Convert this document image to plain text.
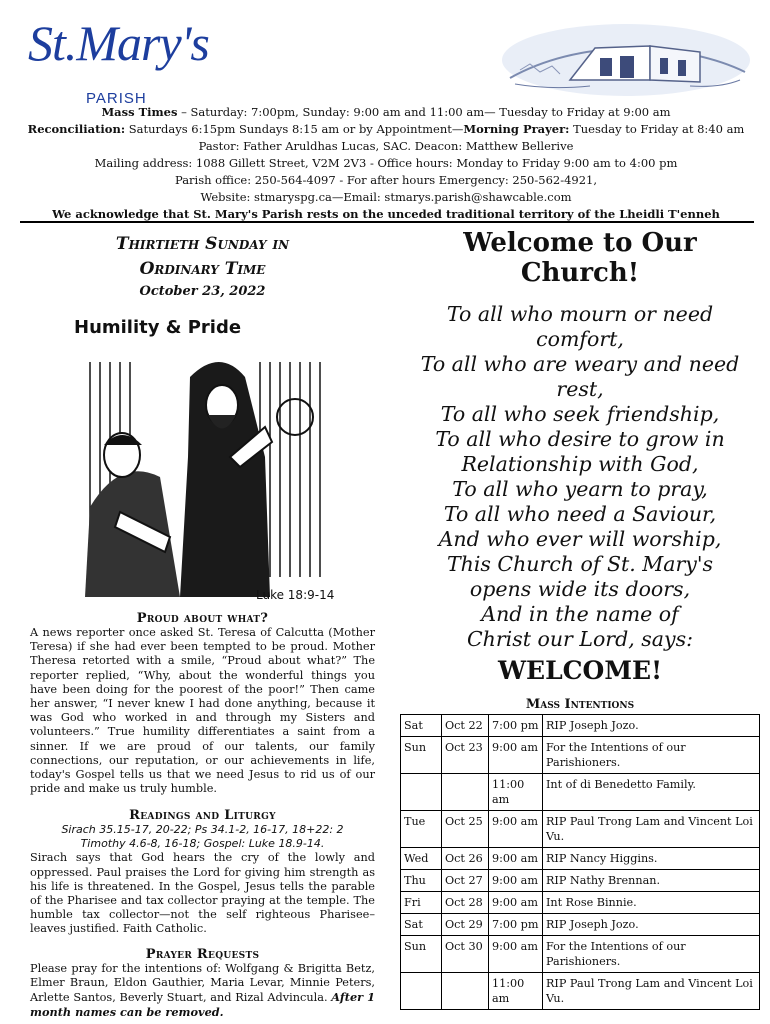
St.Mary's
PARISH
Mass Times – Saturday: 7:00pm, Sunday: 9:00 am and 11:00 am— Tuesday to Friday at 9:00 am
Reconciliation: Saturdays 6:15pm Sundays 8:15 am or by Appointment—Morning Prayer: Tuesday to Friday at 8:40 am
Pastor: Father Aruldhas Lucas, SAC. Deacon: Matthew Bellerive
Mailing address: 1088 Gillett Street, V2M 2V3 - Office hours: Monday to Friday 9:00 am to 4:00 pm
Parish office: 250-564-4097 - For after hours Emergency: 250-562-4921,
Website: stmaryspg.ca—Email: stmarys.parish@shawcable.com
We acknowledge that St. Mary's Parish rests on the unceded traditional territory of the Lheidli T'enneh
Thirtieth Sunday in
Ordinary Time
October 23, 2022
Humility & Pride
Luke 18:9-14
Proud about what?
A news reporter once asked St. Teresa of Calcutta (Mother Teresa) if she had ever been tempted to be proud. Mother Theresa retorted with a smile, “Proud about what?” The reporter replied, “Why, about the wonderful things you have been doing for the poorest of the poor!” Then came her answer, “I never knew I had done anything, because it was God who worked in and through my Sisters and volunteers.” True humility differentiates a saint from a sinner. If we are proud of our talents, our family connections, our reputation, or our achievements in life, today's Gospel tells us that we need Jesus to rid us of our pride and make us truly humble.
Readings and Liturgy
Sirach 35.15-17, 20-22; Ps 34.1-2, 16-17, 18+22: 2
Timothy 4.6-8, 16-18; Gospel: Luke 18.9-14.
Sirach says that God hears the cry of the lowly and oppressed. Paul praises the Lord for giving him strength as his life is threatened. In the Gospel, Jesus tells the parable of the Pharisee and tax collector praying at the temple. The humble tax collector—not the self righteous Pharisee– leaves justified. Faith Catholic.
Prayer Requests
Please pray for the intentions of: Wolfgang & Brigitta Betz, Elmer Braun, Eldon Gauthier, Maria Levar, Minnie Peters, Arlette Santos, Beverly Stuart, and Rizal Advincula. After 1 month names can be removed.
Welcome to Our Church!
To all who mourn or need
comfort,
To all who are weary and need
rest,
To all who seek friendship,
To all who desire to grow in
Relationship with God,
To all who yearn to pray,
To all who need a Saviour,
And who ever will worship,
This Church of St. Mary's
opens wide its doors,
And in the name of
Christ our Lord, says:
WELCOME!
Mass Intentions
Sat	Oct 22	7:00 pm	RIP Joseph Jozo.
Sun	Oct 23	9:00 am	For the Intentions of our Parishioners.
		11:00 am	Int of di Benedetto Family.
Tue	Oct 25	9:00 am	RIP Paul Trong Lam and Vincent Loi Vu.
Wed	Oct 26	9:00 am	RIP Nancy Higgins.
Thu	Oct 27	9:00 am	RIP Nathy Brennan.
Fri	Oct 28	9:00 am	Int Rose Binnie.
Sat	Oct 29	7:00 pm	RIP Joseph Jozo.
Sun	Oct 30	9:00 am	For the Intentions of our Parishioners.
		11:00 am	RIP Paul Trong Lam and Vincent Loi Vu.
